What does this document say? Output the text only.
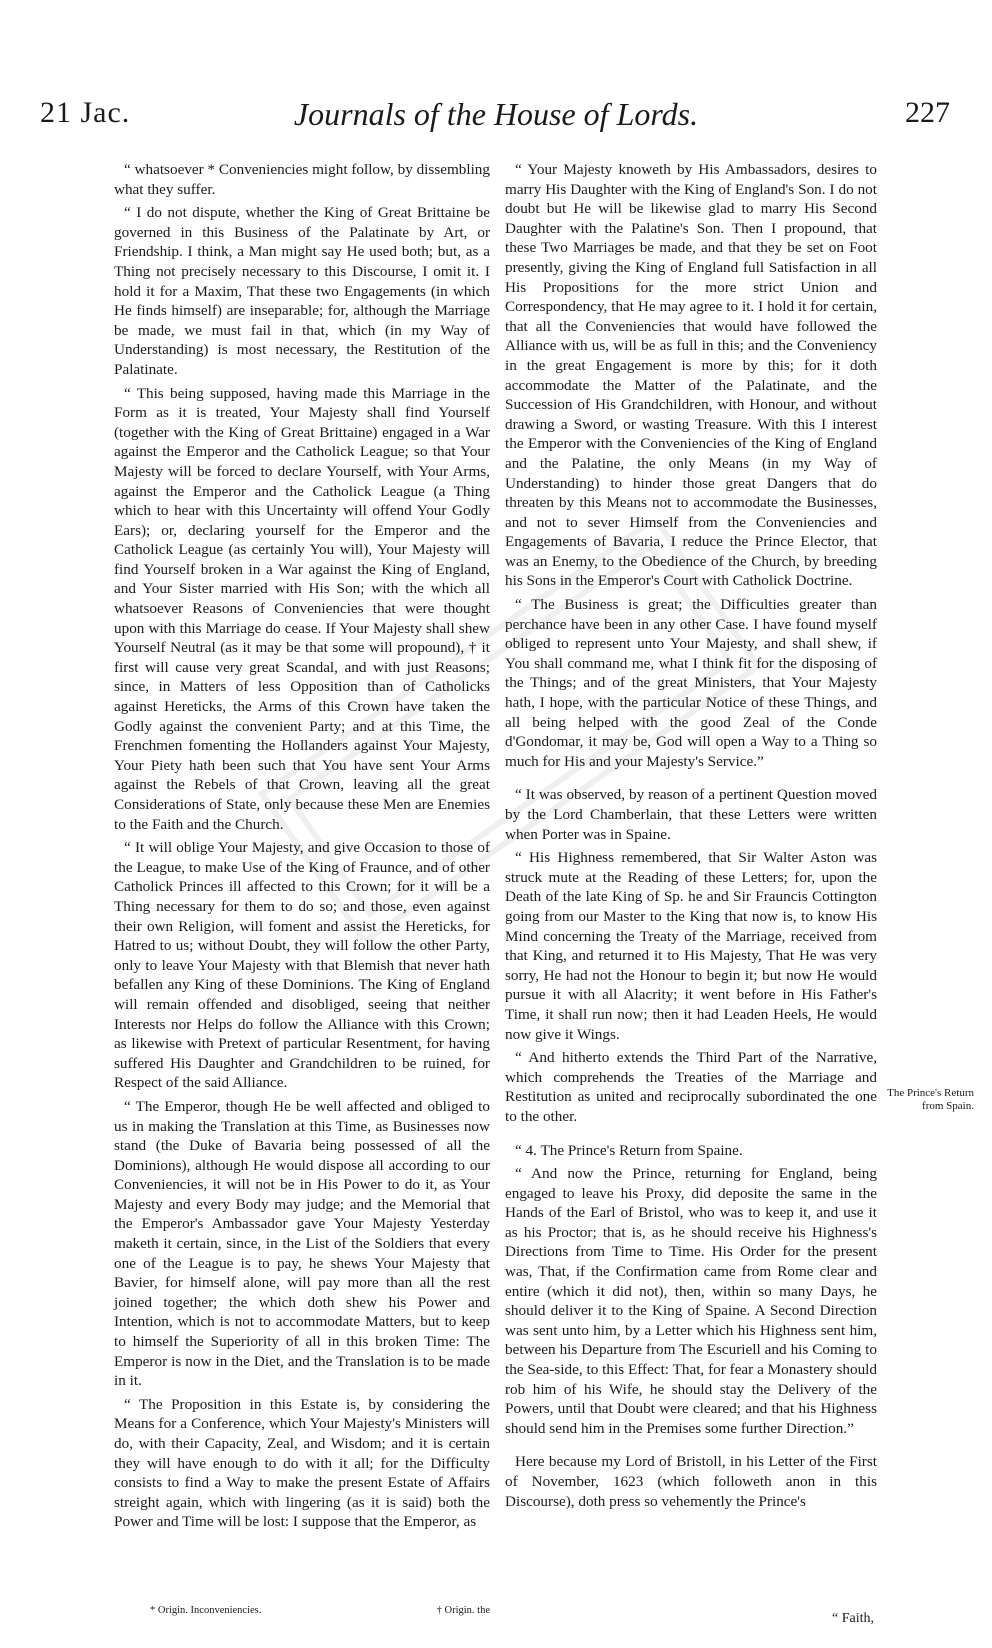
21 Jac.	Journals of the House of Lords.	227

“ whatsoever * Conveniencies might follow, by dissembling what they suffer.

“ I do not dispute, whether the King of Great Brittaine be governed in this Business of the Palatinate by Art, or Friendship. I think, a Man might say He used both; but, as a Thing not precisely necessary to this Discourse, I omit it. I hold it for a Maxim, That these two Engagements (in which He finds himself) are inseparable; for, although the Marriage be made, we must fail in that, which (in my Way of Understanding) is most necessary, the Restitution of the Palatinate.

“ This being supposed, having made this Marriage in the Form as it is treated, Your Majesty shall find Yourself (together with the King of Great Brittaine) engaged in a War against the Emperor and the Catholick League; so that Your Majesty will be forced to declare Yourself, with Your Arms, against the Emperor and the Catholick League (a Thing which to hear with this Uncertainty will offend Your Godly Ears); or, declaring yourself for the Emperor and the Catholick League (as certainly You will), Your Majesty will find Yourself broken in a War against the King of England, and Your Sister married with His Son; with the which all whatsoever Reasons of Conveniencies that were thought upon with this Marriage do cease. If Your Majesty shall shew Yourself Neutral (as it may be that some will propound), † it first will cause very great Scandal, and with just Reasons; since, in Matters of less Opposition than of Catholicks against Hereticks, the Arms of this Crown have taken the Godly against the convenient Party; and at this Time, the Frenchmen fomenting the Hollanders against Your Majesty, Your Piety hath been such that You have sent Your Arms against the Rebels of that Crown, leaving all the great Considerations of State, only because these Men are Enemies to the Faith and the Church.

“ It will oblige Your Majesty, and give Occasion to those of the League, to make Use of the King of Fraunce, and of other Catholick Princes ill affected to this Crown; for it will be a Thing necessary for them to do so; and those, even against their own Religion, will foment and assist the Hereticks, for Hatred to us; without Doubt, they will follow the other Party, only to leave Your Majesty with that Blemish that never hath befallen any King of these Dominions. The King of England will remain offended and disobliged, seeing that neither Interests nor Helps do follow the Alliance with this Crown; as likewise with Pretext of particular Resentment, for having suffered His Daughter and Grandchildren to be ruined, for Respect of the said Alliance.

“ The Emperor, though He be well affected and obliged to us in making the Translation at this Time, as Businesses now stand (the Duke of Bavaria being possessed of all the Dominions), although He would dispose all according to our Conveniencies, it will not be in His Power to do it, as Your Majesty and every Body may judge; and the Memorial that the Emperor's Ambassador gave Your Majesty Yesterday maketh it certain, since, in the List of the Soldiers that every one of the League is to pay, he shews Your Majesty that Bavier, for himself alone, will pay more than all the rest joined together; the which doth shew his Power and Intention, which is not to accommodate Matters, but to keep to himself the Superiority of all in this broken Time: The Emperor is now in the Diet, and the Translation is to be made in it.

“ The Proposition in this Estate is, by considering the Means for a Conference, which Your Majesty's Ministers will do, with their Capacity, Zeal, and Wisdom; and it is certain they will have enough to do with it all; for the Difficulty consists to find a Way to make the present Estate of Affairs streight again, which with lingering (as it is said) both the Power and Time will be lost: I suppose that the Emperor, as

“ Your Majesty knoweth by His Ambassadors, desires to marry His Daughter with the King of England's Son. I do not doubt but He will be likewise glad to marry His Second Daughter with the Palatine's Son. Then I propound, that these Two Marriages be made, and that they be set on Foot presently, giving the King of England full Satisfaction in all His Propositions for the more strict Union and Correspondency, that He may agree to it. I hold it for certain, that all the Conveniencies that would have followed the Alliance with us, will be as full in this; and the Conveniency in the great Engagement is more by this; for it doth accommodate the Matter of the Palatinate, and the Succession of His Grandchildren, with Honour, and without drawing a Sword, or wasting Treasure. With this I interest the Emperor with the Conveniencies of the King of England and the Palatine, the only Means (in my Way of Understanding) to hinder those great Dangers that do threaten by this Means not to accommodate the Businesses, and not to sever Himself from the Conveniencies and Engagements of Bavaria, I reduce the Prince Elector, that was an Enemy, to the Obedience of the Church, by breeding his Sons in the Emperor's Court with Catholick Doctrine.

“ The Business is great; the Difficulties greater than perchance have been in any other Case. I have found myself obliged to represent unto Your Majesty, and shall shew, if You shall command me, what I think fit for the disposing of the Things; and of the great Ministers, that Your Majesty hath, I hope, with the particular Notice of these Things, and all being helped with the good Zeal of the Conde d'Gondomar, it may be, God will open a Way to a Thing so much for His and your Majesty's Service.”

“ It was observed, by reason of a pertinent Question moved by the Lord Chamberlain, that these Letters were written when Porter was in Spaine.

“ His Highness remembered, that Sir Walter Aston was struck mute at the Reading of these Letters; for, upon the Death of the late King of Sp. he and Sir Frauncis Cottington going from our Master to the King that now is, to know His Mind concerning the Treaty of the Marriage, received from that King, and returned it to His Majesty, That He was very sorry, He had not the Honour to begin it; but now He would pursue it with all Alacrity; it went before in His Father's Time, it shall run now; then it had Leaden Heels, He would now give it Wings.

“ And hitherto extends the Third Part of the Narrative, which comprehends the Treaties of the Marriage and Restitution as united and reciprocally subordinated the one to the other.

“ 4. The Prince's Return from Spaine.

“ And now the Prince, returning for England, being engaged to leave his Proxy, did deposite the same in the Hands of the Earl of Bristol, who was to keep it, and use it as his Proctor; that is, as he should receive his Highness's Directions from Time to Time. His Order for the present was, That, if the Confirmation came from Rome clear and entire (which it did not), then, within so many Days, he should deliver it to the King of Spaine. A Second Direction was sent unto him, by a Letter which his Highness sent him, between his Departure from The Escuriell and his Coming to the Sea-side, to this Effect: That, for fear a Monastery should rob him of his Wife, he should stay the Delivery of the Powers, until that Doubt were cleared; and that his Highness should send him in the Premises some further Direction.”

Here because my Lord of Bristoll, in his Letter of the First of November, 1623 (which followeth anon in this Discourse), doth press so vehemently the Prince's

The Prince's Return from Spain.
* Origin. Inconveniencies.	† Origin. the
“ Faith,
